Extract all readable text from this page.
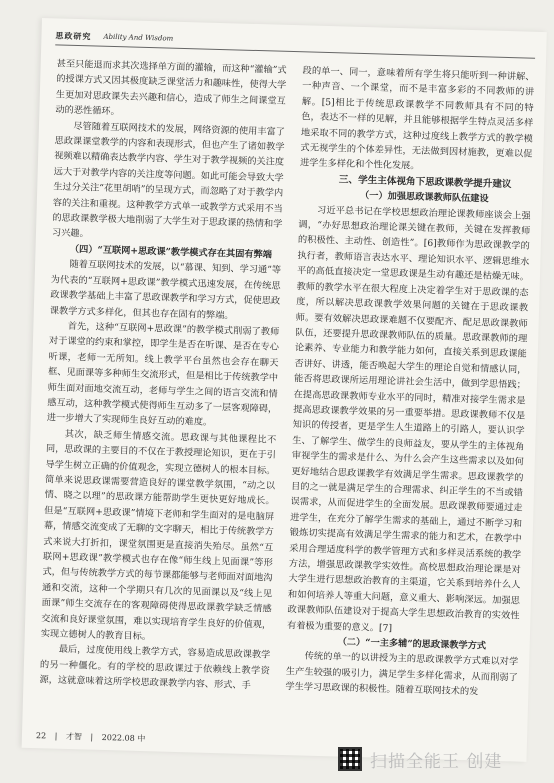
思政研究 Ability And Wisdom

甚至只能退而求其次选择单方面的灌输，而这种“灌输”式的授课方式又因其极度缺乏课堂活力和趣味性，使得大学生更加对思政课失去兴趣和信心，造成了师生之间课堂互动的恶性循环。

尽管随着互联网技术的发展，网络资源的使用丰富了思政课课堂教学的内容和表现形式，但也产生了诸如教学视频难以精确表达教学内容、学生对于教学视频的关注度远大于对教学内容的关注度等问题。如此可能会导致大学生过分关注“花里胡哨”的呈现方式，而忽略了对于教学内容的关注和重视。这种教学方式单一或教学方式采用不当的思政课教学极大地削弱了大学生对于思政课的热情和学习兴趣。

（四）“互联网+思政课”教学模式存在其固有弊端

随着互联网技术的发展，以“慕课、知到、学习通”等为代表的“互联网+思政课”教学模式迅速发展，在传统思政课教学基础上丰富了思政课教学和学习方式，促使思政课教学方式多样化，但其也存在固有的弊端。

首先，这种“互联网+思政课”的教学模式削弱了教师对于课堂的约束和掌控，即学生是否在听课、是否在专心听课，老师一无所知。线上教学平台虽然也会存在聊天框、见面课等多种师生交流形式，但是相比于传统教学中师生面对面地交流互动，老师与学生之间的语言交流和情感互动，这种教学模式使得师生互动多了一层客观障碍，进一步增大了实现师生良好互动的难度。

其次，缺乏师生情感交流。思政课与其他课程比不同，思政课的主要目的不仅在于教授理论知识，更在于引导学生树立正确的价值观念，实现立德树人的根本目标。简单来说思政课需要营造良好的课堂教学氛围，“动之以情、晓之以理”的思政课方能帮助学生更快更好地成长。但是“互联网+思政课”情境下老师和学生面对的是电脑屏幕，情感交流变成了无聊的文字聊天，相比于传统教学方式来说大打折扣，课堂氛围更是直接消失殆尽。虽然“互联网+思政课”教学模式也存在像“师生线上见面课”等形式，但与传统教学方式的每节课都能够与老师面对面地沟通和交流，这种一个学期只有几次的见面课以及“线上见面课”师生交流存在的客观障碍使得思政课教学缺乏情感交流和良好课堂氛围，难以实现培育学生良好的价值观，实现立德树人的教育目标。

最后，过度使用线上教学方式，容易造成思政课教学的另一种僵化。有的学校的思政课过于依赖线上教学资源，这就意味着这所学校思政课教学内容、形式、手

段的单一、同一，意味着所有学生将只能听到一种讲解、一种声音、一个课堂，而不是丰富多彩的不同教师的讲解。[5]相比于传统思政课教学不同教师具有不同的特色，表达不一样的见解，并且能够根据学生特点灵活多样地采取不同的教学方式，这种过度线上教学方式的教学模式无视学生的个体差异性，无法做到因材施教，更难以促进学生多样化和个性化发展。

三、学生主体视角下思政课教学提升建议

（一）加强思政课教师队伍建设

习近平总书记在学校思想政治理论课教师座谈会上强调，“办好思想政治理论课关键在教师，关键在发挥教师的积极性、主动性、创造性”。[6]教师作为思政课教学的执行者，教师语言表达水平、理论知识水平、逻辑思维水平的高低直接决定一堂思政课是生动有趣还是枯燥无味。教师的教学水平在很大程度上决定着学生对于思政课的态度，所以解决思政课教学效果问题的关键在于思政课教师。要有效解决思政课难题不仅要配齐、配足思政课教师队伍，还要提升思政课教师队伍的质量。思政课教师的理论素养、专业能力和教学能力如何，直接关系到思政课能否讲好、讲透，能否唤起大学生的理论自觉和情感认同，能否将思政课所运用理论讲社会生活中，做到学思悟践；在提高思政课教师专业水平的同时，精准对接学生需求是提高思政课教学效果的另一重要举措。思政课教师不仅是知识的传授者，更是学生人生道路上的引路人，要认识学生、了解学生、做学生的良师益友，要从学生的主体视角审视学生的需求是什么、为什么会产生这些需求以及如何更好地结合思政课教学有效满足学生需求。思政课教学的目的之一就是满足学生的合理需求、纠正学生的不当或错误需求，从而促进学生的全面发展。思政课教师要通过走进学生，在充分了解学生需求的基础上，通过不断学习和锻炼切实提高有效满足学生需求的能力和艺术，在教学中采用合理适度科学的教学管理方式和多样灵活系统的教学方法，增强思政课教学实效性。高校思想政治理论课是对大学生进行思想政治教育的主渠道，它关系到培养什么人和如何培养人等重大问题，意义重大、影响深远。加强思政课教师队伍建设对于提高大学生思想政治教育的实效性有着极为重要的意义。[7]

（二）“一主多辅”的思政课教学方式

传统的单一的以讲授为主的思政课教学方式难以对学生产生较强的吸引力，满足学生多样化需求，从而削弱了学生学习思政课的积极性。随着互联网技术的发

22 | 才智 | 2022.08 中
扫描全能王 创建
